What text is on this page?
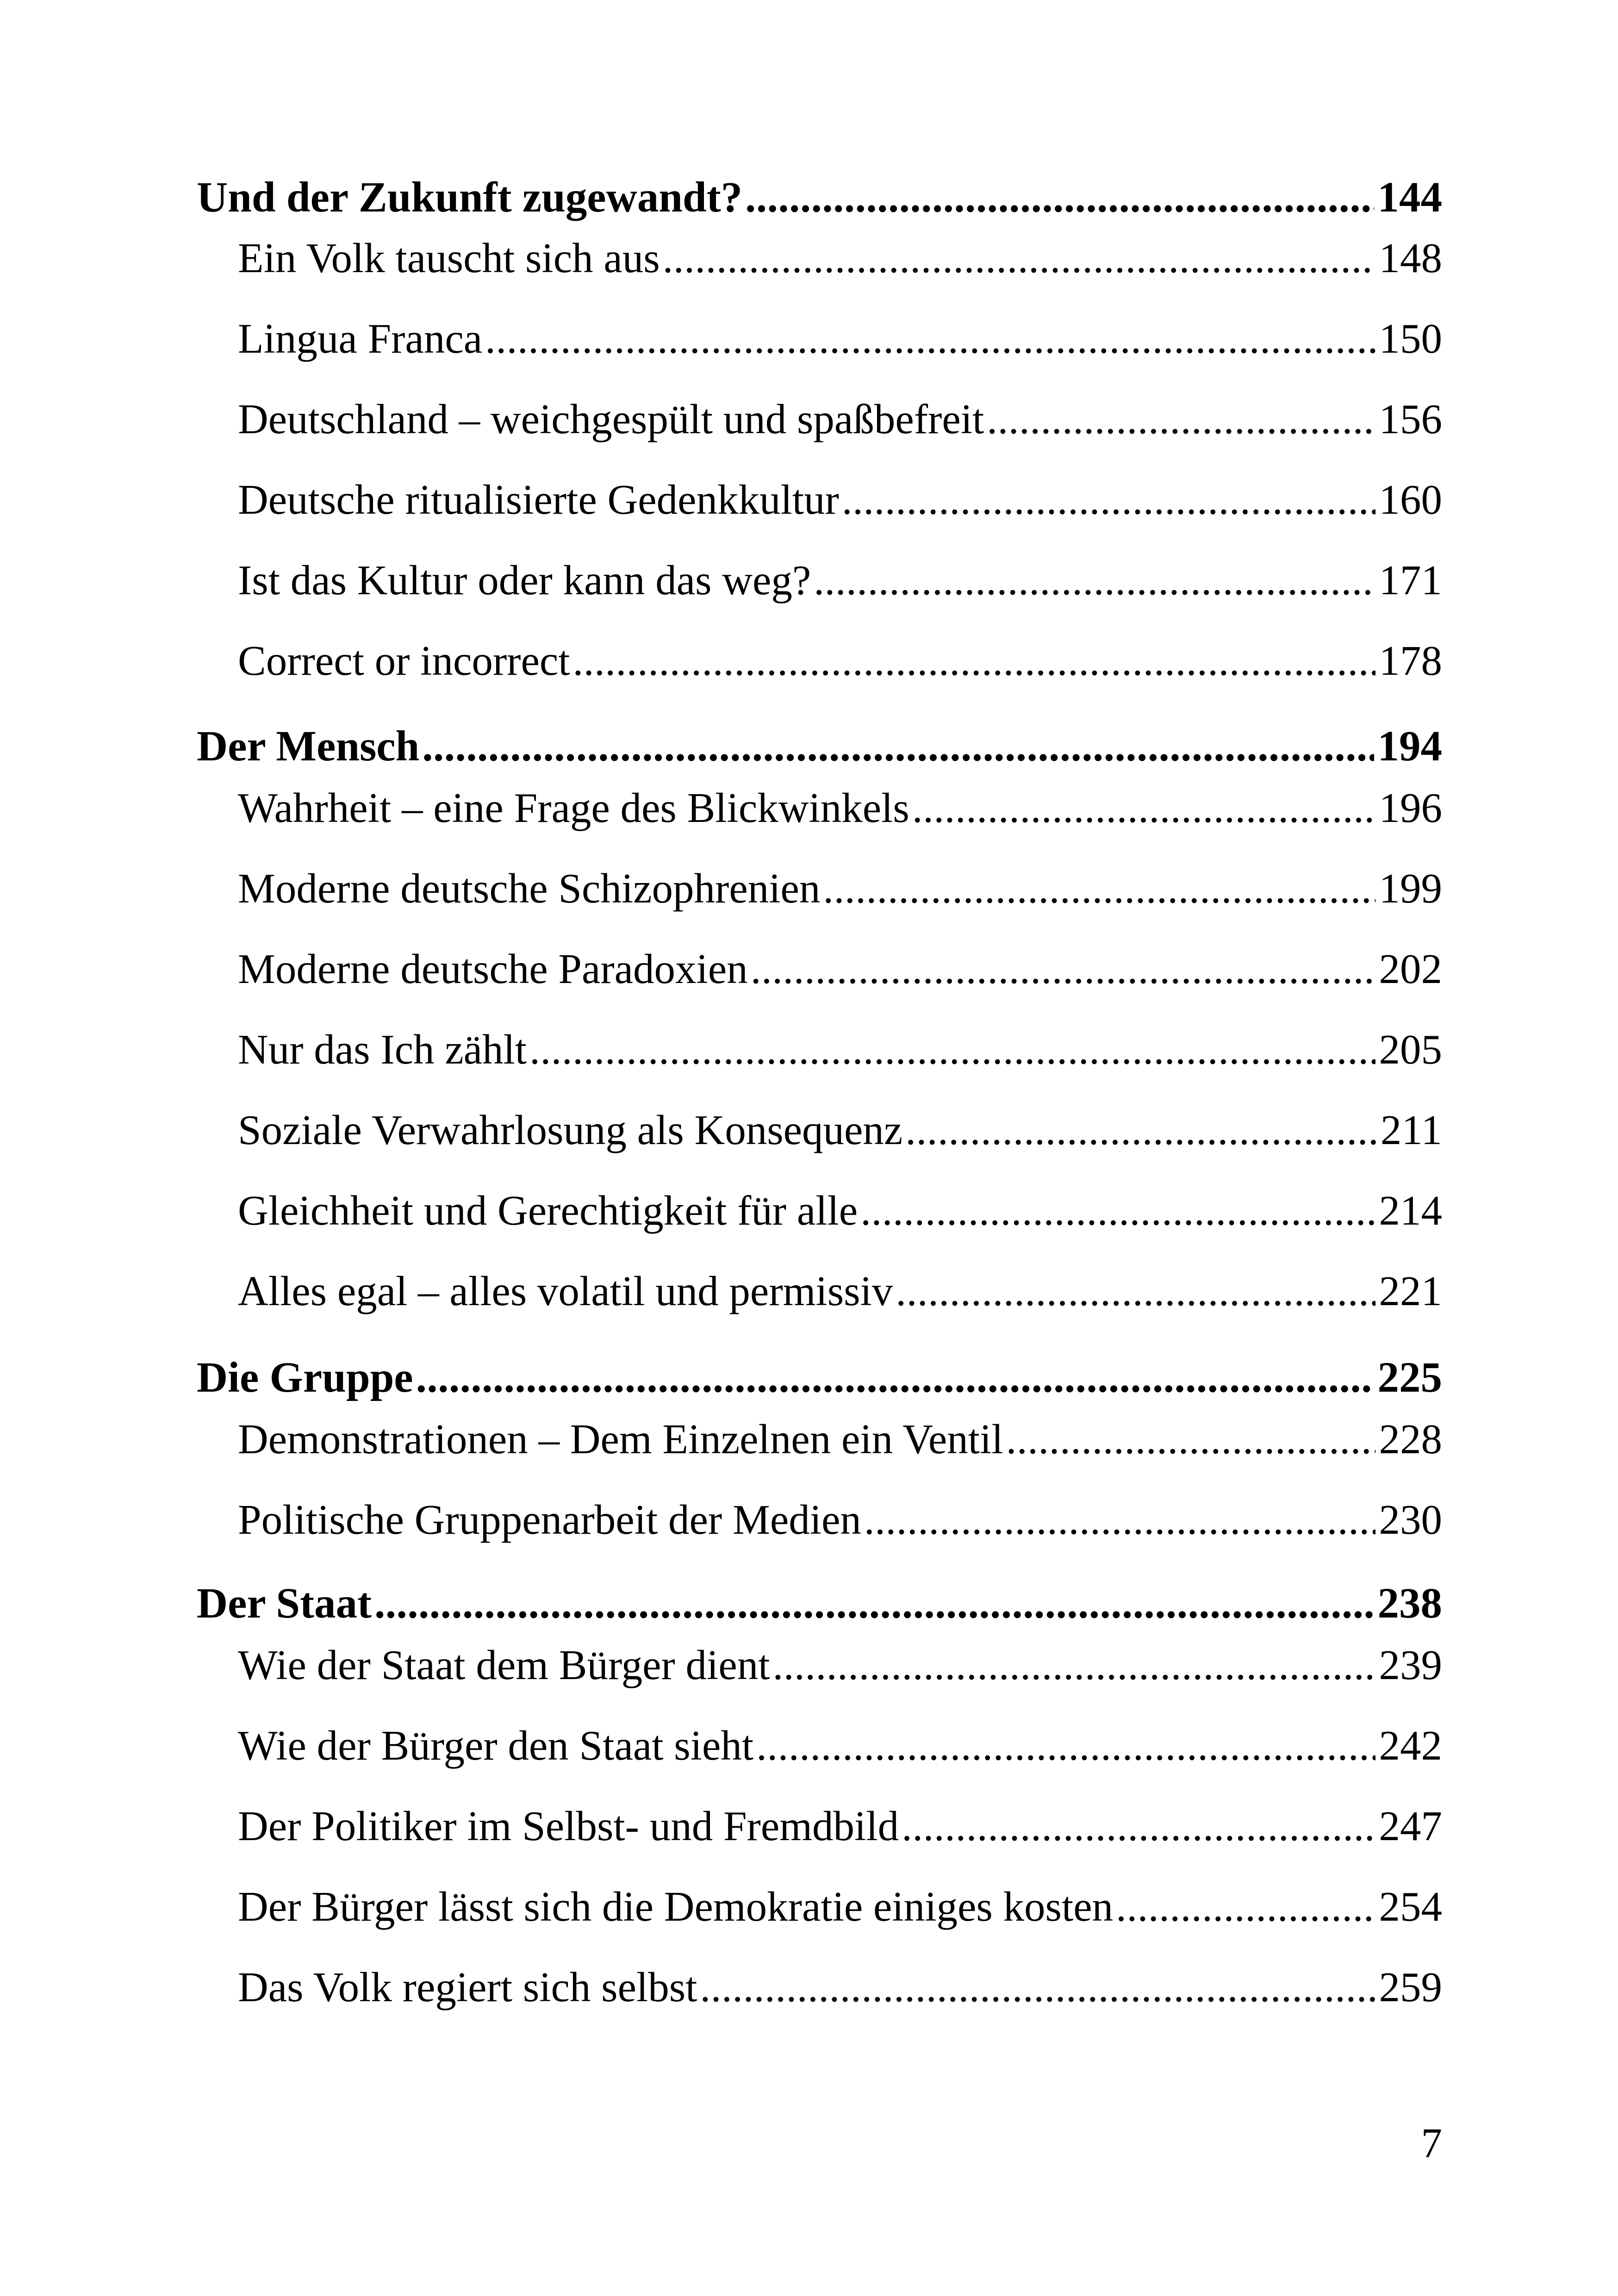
Und der Zukunft zugewandt? .....	144
Ein Volk tauscht sich aus .....	148
Lingua Franca .....	150
Deutschland – weichgespült und spaßbefreit .....	156
Deutsche ritualisierte Gedenkkultur .....	160
Ist das Kultur oder kann das weg? .....	171
Correct or incorrect .....	178
Der Mensch .....	194
Wahrheit – eine Frage des Blickwinkels .....	196
Moderne deutsche Schizophrenien .....	199
Moderne deutsche Paradoxien .....	202
Nur das Ich zählt .....	205
Soziale Verwahrlosung als Konsequenz .....	211
Gleichheit und Gerechtigkeit für alle .....	214
Alles egal – alles volatil und permissiv .....	221
Die Gruppe .....	225
Demonstrationen – Dem Einzelnen ein Ventil .....	228
Politische Gruppenarbeit der Medien .....	230
Der Staat .....	238
Wie der Staat dem Bürger dient .....	239
Wie der Bürger den Staat sieht .....	242
Der Politiker im Selbst- und Fremdbild .....	247
Der Bürger lässt sich die Demokratie einiges kosten .....	254
Das Volk regiert sich selbst .....	259
7
